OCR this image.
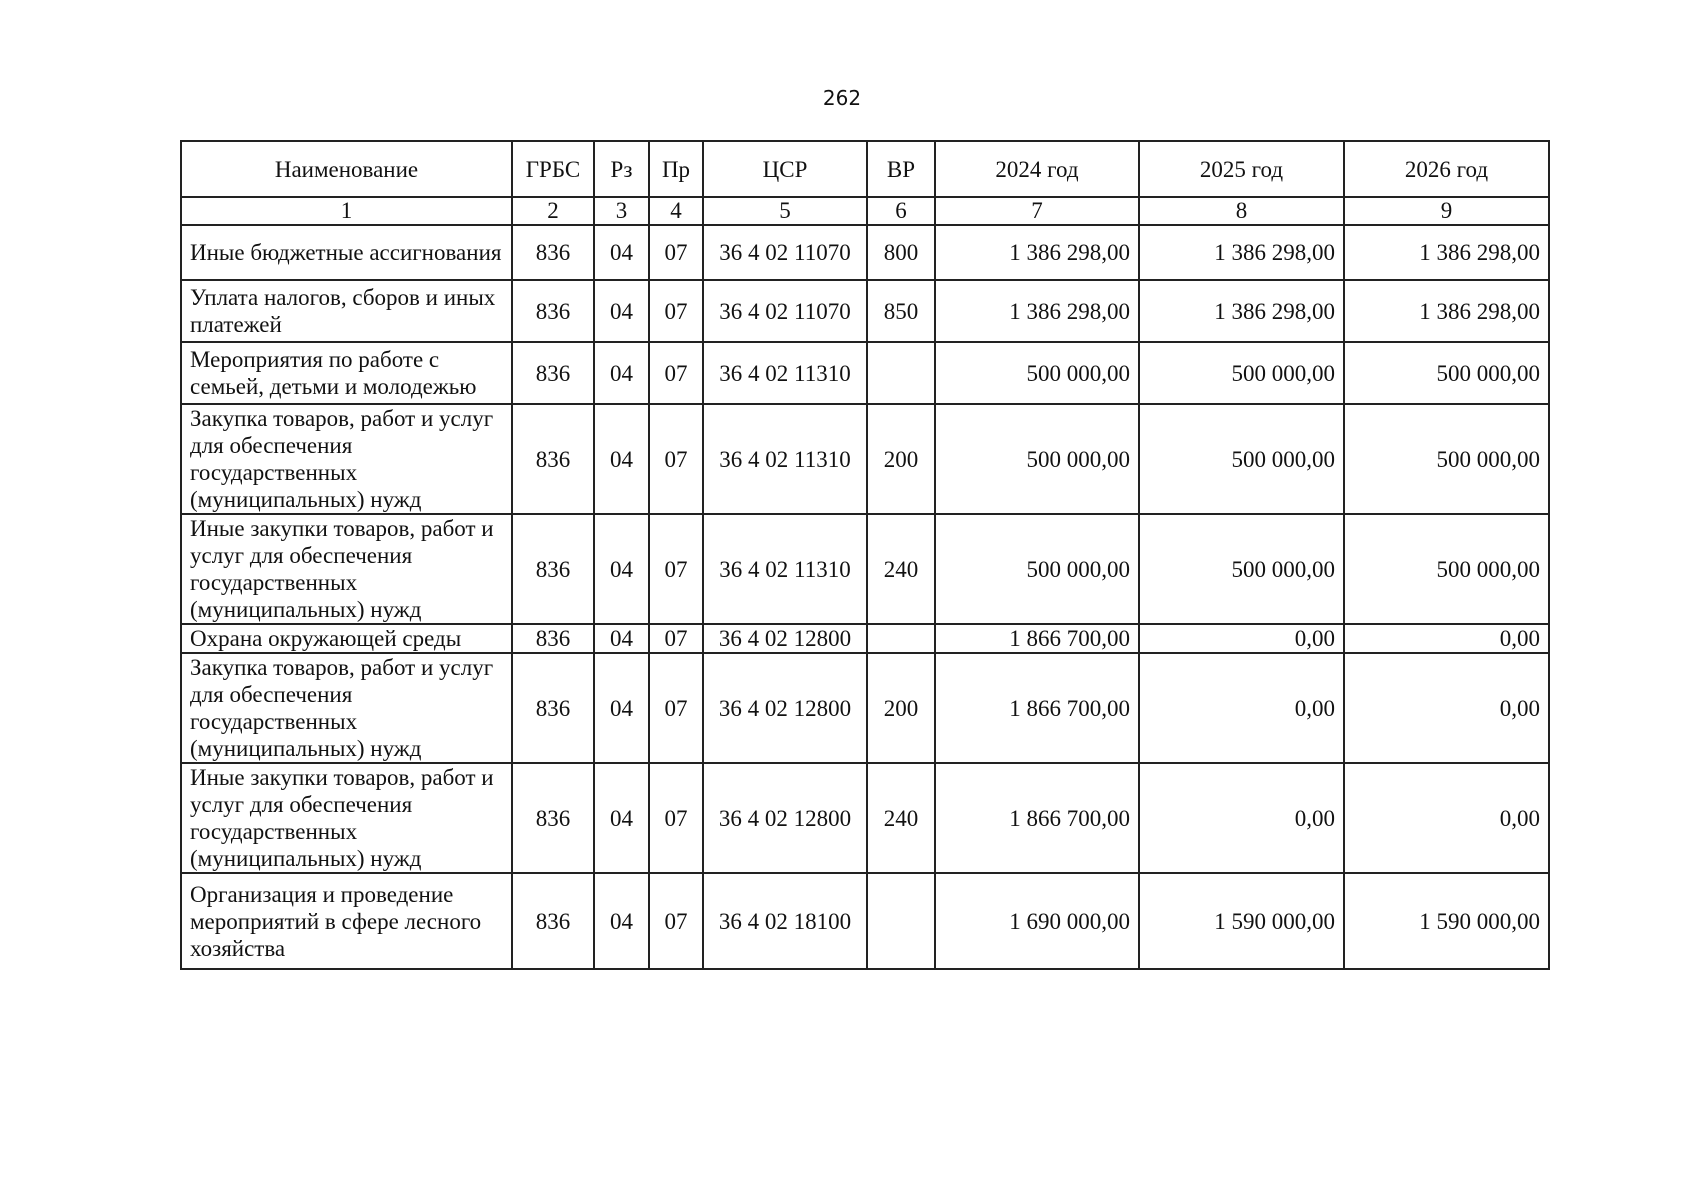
262
Наименование	ГРБС	Рз	Пр	ЦСР	ВР	2024 год	2025 год	2026 год
1	2	3	4	5	6	7	8	9
Иные бюджетные ассигнования	836	04	07	36 4 02 11070	800	1 386 298,00	1 386 298,00	1 386 298,00
Уплата налогов, сборов и иных платежей	836	04	07	36 4 02 11070	850	1 386 298,00	1 386 298,00	1 386 298,00
Мероприятия по работе с семьей, детьми и молодежью	836	04	07	36 4 02 11310		500 000,00	500 000,00	500 000,00
Закупка товаров, работ и услуг для обеспечения государственных (муниципальных) нужд	836	04	07	36 4 02 11310	200	500 000,00	500 000,00	500 000,00
Иные закупки товаров, работ и услуг для обеспечения государственных (муниципальных) нужд	836	04	07	36 4 02 11310	240	500 000,00	500 000,00	500 000,00
Охрана окружающей среды	836	04	07	36 4 02 12800		1 866 700,00	0,00	0,00
Закупка товаров, работ и услуг для обеспечения государственных (муниципальных) нужд	836	04	07	36 4 02 12800	200	1 866 700,00	0,00	0,00
Иные закупки товаров, работ и услуг для обеспечения государственных (муниципальных) нужд	836	04	07	36 4 02 12800	240	1 866 700,00	0,00	0,00
Организация и проведение мероприятий в сфере лесного хозяйства	836	04	07	36 4 02 18100		1 690 000,00	1 590 000,00	1 590 000,00
